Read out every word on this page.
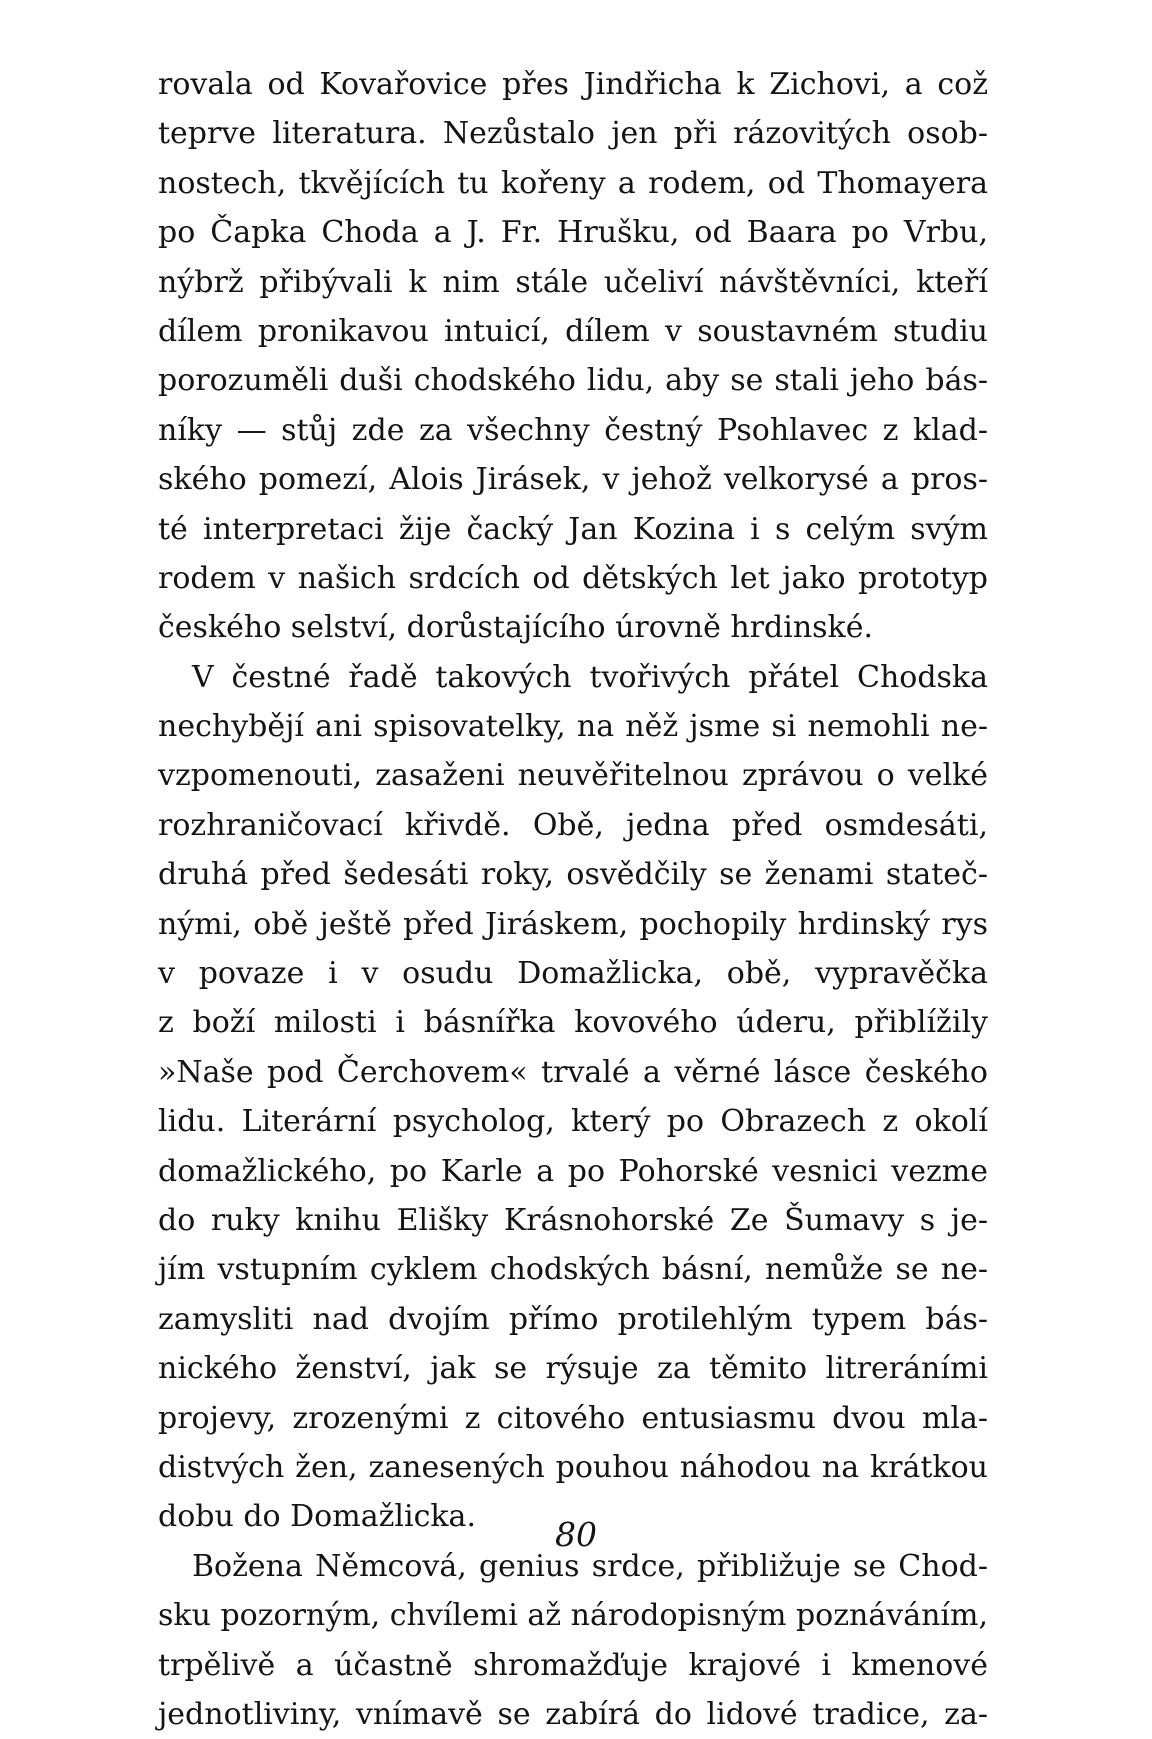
rovala od Kovařovice přes Jindřicha k Zichovi, a což
teprve literatura. Nezůstalo jen při rázovitých osob-
nostech, tkvějících tu kořeny a rodem, od Thomayera
po Čapka Choda a J. Fr. Hrušku, od Baara po Vrbu,
nýbrž přibývali k nim stále učeliví návštěvníci, kteří
dílem pronikavou intuicí, dílem v soustavném studiu
porozuměli duši chodského lidu, aby se stali jeho bás-
níky — stůj zde za všechny čestný Psohlavec z klad-
ského pomezí, Alois Jirásek, v jehož velkorysé a pros-
té interpretaci žije čacký Jan Kozina i s celým svým
rodem v našich srdcích od dětských let jako prototyp
českého selství, dorůstajícího úrovně hrdinské.
V čestné řadě takových tvořivých přátel Chodska
nechybějí ani spisovatelky, na něž jsme si nemohli ne-
vzpomenouti, zasaženi neuvěřitelnou zprávou o velké
rozhraničovací křivdě. Obě, jedna před osmdesáti,
druhá před šedesáti roky, osvědčily se ženami stateč-
nými, obě ještě před Jiráskem, pochopily hrdinský rys
v povaze i v osudu Domažlicka, obě, vypravěčka
z boží milosti i básnířka kovového úderu, přiblížily
»Naše pod Čerchovem« trvalé a věrné lásce českého
lidu. Literární psycholog, který po Obrazech z okolí
domažlického, po Karle a po Pohorské vesnici vezme
do ruky knihu Elišky Krásnohorské Ze Šumavy s je-
jím vstupním cyklem chodských básní, nemůže se ne-
zamysliti nad dvojím přímo protilehlým typem bás-
nického ženství, jak se rýsuje za těmito litreráními
projevy, zrozenými z citového entusiasmu dvou mla-
distvých žen, zanesených pouhou náhodou na krátkou
dobu do Domažlicka.
Božena Němcová, genius srdce, přibližuje se Chod-
sku pozorným, chvílemi až národopisným poznáváním,
trpělivě a účastně shromažďuje krajové i kmenové
jednotliviny, vnímavě se zabírá do lidové tradice, za-
80
